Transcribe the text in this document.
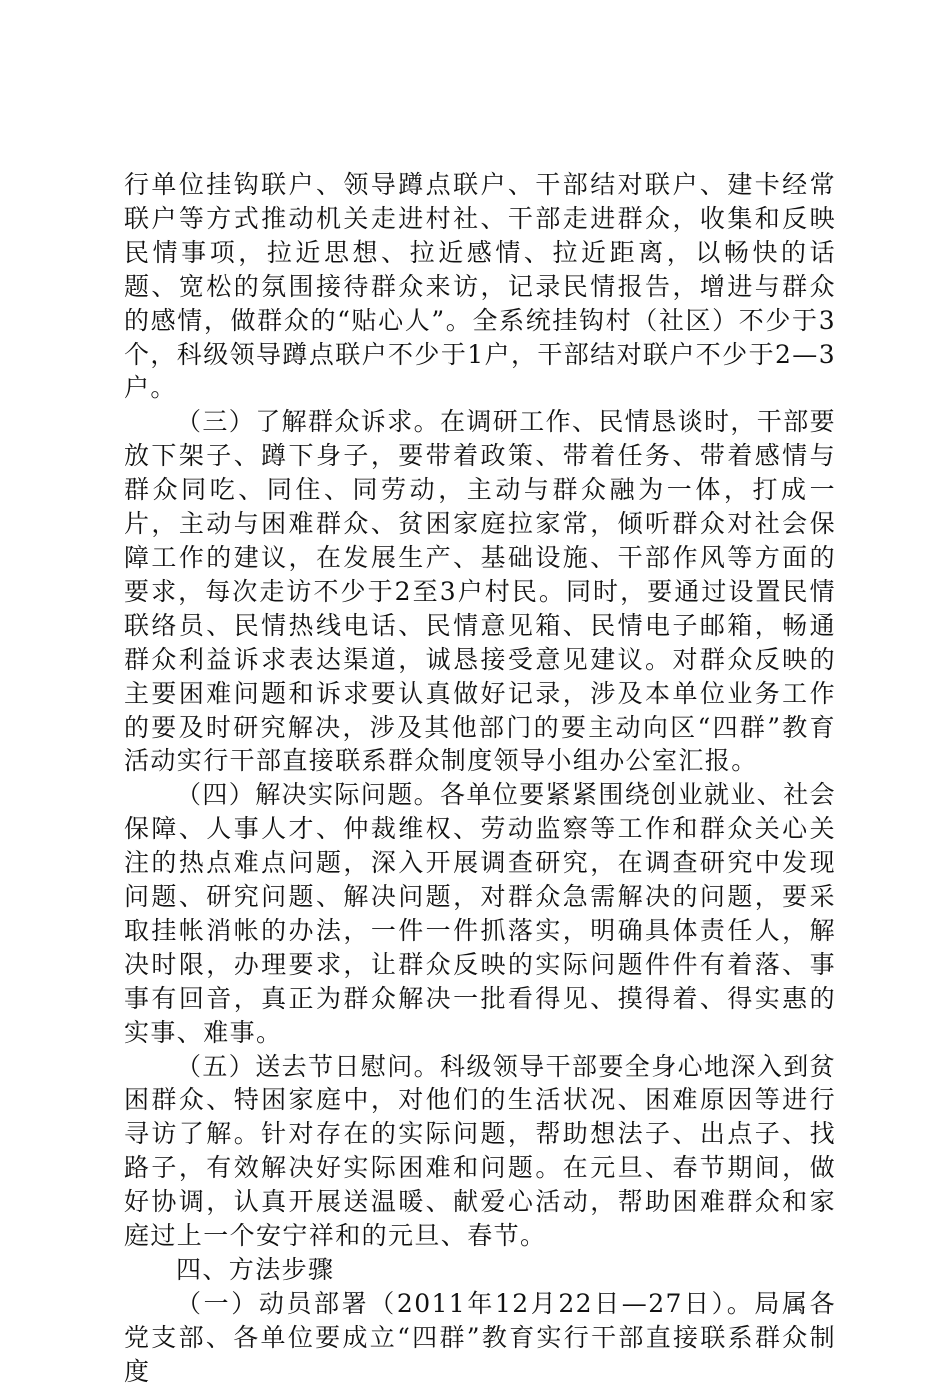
行单位挂钩联户、领导蹲点联户、干部结对联户、建卡经常联户等方式推动机关走进村社、干部走进群众，收集和反映民情事项，拉近思想、拉近感情、拉近距离，以畅快的话题、宽松的氛围接待群众来访，记录民情报告，增进与群众的感情，做群众的“贴心人”。全系统挂钩村（社区）不少于3个，科级领导蹲点联户不少于1户，干部结对联户不少于2—3户。

（三）了解群众诉求。在调研工作、民情恳谈时，干部要放下架子、蹲下身子，要带着政策、带着任务、带着感情与群众同吃、同住、同劳动，主动与群众融为一体，打成一片，主动与困难群众、贫困家庭拉家常，倾听群众对社会保障工作的建议，在发展生产、基础设施、干部作风等方面的要求，每次走访不少于2至3户村民。同时，要通过设置民情联络员、民情热线电话、民情意见箱、民情电子邮箱，畅通群众利益诉求表达渠道，诚恳接受意见建议。对群众反映的主要困难问题和诉求要认真做好记录，涉及本单位业务工作的要及时研究解决，涉及其他部门的要主动向区“四群”教育活动实行干部直接联系群众制度领导小组办公室汇报。

（四）解决实际问题。各单位要紧紧围绕创业就业、社会保障、人事人才、仲裁维权、劳动监察等工作和群众关心关注的热点难点问题，深入开展调查研究，在调查研究中发现问题、研究问题、解决问题，对群众急需解决的问题，要采取挂帐消帐的办法，一件一件抓落实，明确具体责任人，解决时限，办理要求，让群众反映的实际问题件件有着落、事事有回音，真正为群众解决一批看得见、摸得着、得实惠的实事、难事。

（五）送去节日慰问。科级领导干部要全身心地深入到贫困群众、特困家庭中，对他们的生活状况、困难原因等进行寻访了解。针对存在的实际问题，帮助想法子、出点子、找路子，有效解决好实际困难和问题。在元旦、春节期间，做好协调，认真开展送温暖、献爱心活动，帮助困难群众和家庭过上一个安宁祥和的元旦、春节。

四、方法步骤

（一）动员部署（2011年12月22日—27日）。局属各党支部、各单位要成立“四群”教育实行干部直接联系群众制度
